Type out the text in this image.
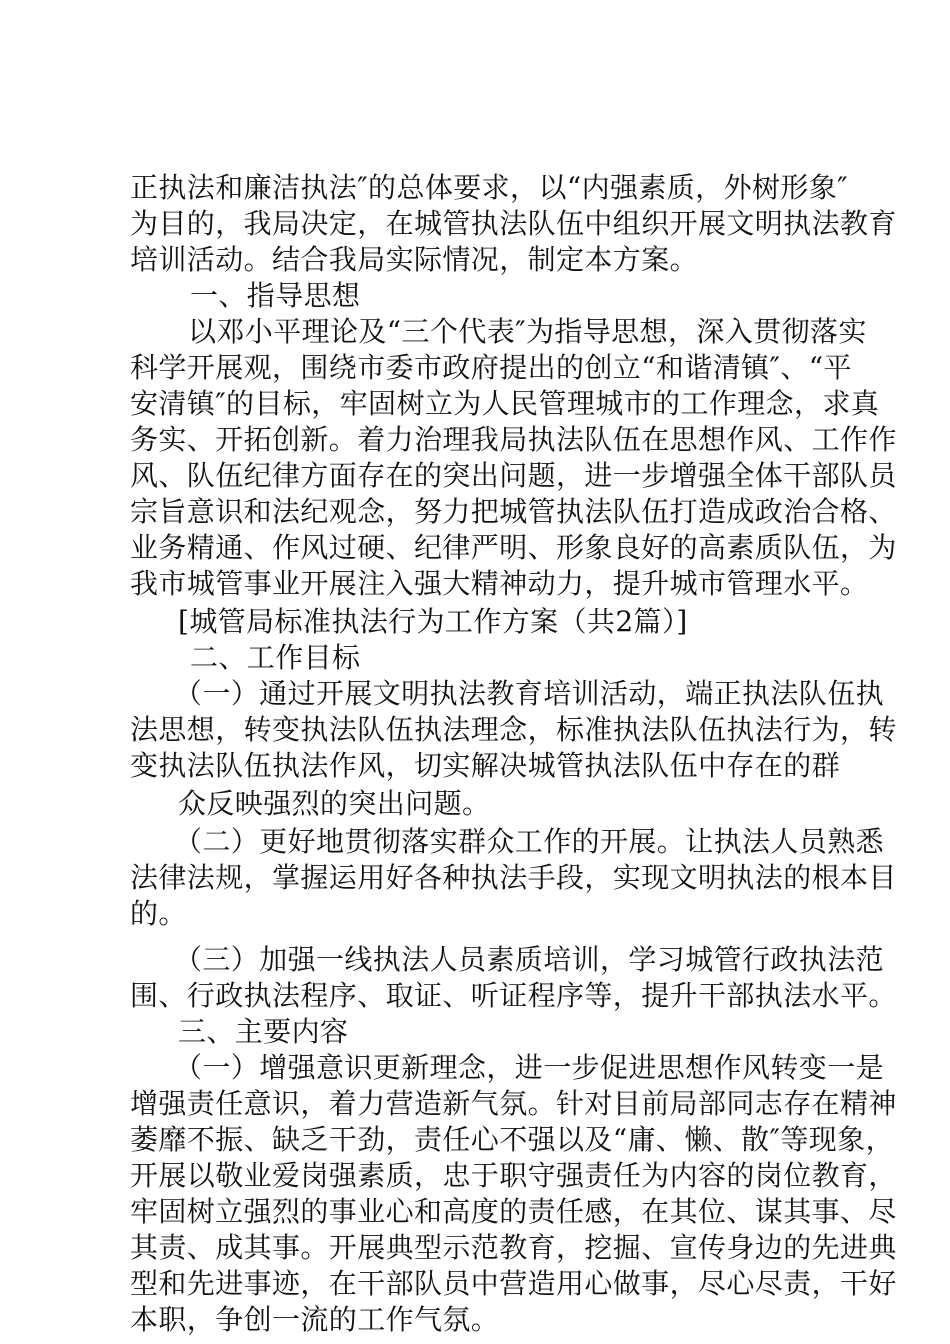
正执法和廉洁执法″的总体要求，以“内强素质，外树形象″
为目的，我局决定，在城管执法队伍中组织开展文明执法教育
培训活动。结合我局实际情况，制定本方案。
一、指导思想
以邓小平理论及“三个代表″为指导思想，深入贯彻落实
科学开展观，围绕市委市政府提出的创立“和谐清镇″、“平
安清镇″的目标，牢固树立为人民管理城市的工作理念，求真
务实、开拓创新。着力治理我局执法队伍在思想作风、工作作
风、队伍纪律方面存在的突出问题，进一步增强全体干部队员
宗旨意识和法纪观念，努力把城管执法队伍打造成政治合格、
业务精通、作风过硬、纪律严明、形象良好的高素质队伍，为
我市城管事业开展注入强大精神动力，提升城市管理水平。
[城管局标准执法行为工作方案（共2篇）]
二、工作目标
（一）通过开展文明执法教育培训活动，端正执法队伍执
法思想，转变执法队伍执法理念，标准执法队伍执法行为，转
变执法队伍执法作风，切实解决城管执法队伍中存在的群
众反映强烈的突出问题。
（二）更好地贯彻落实群众工作的开展。让执法人员熟悉
法律法规，掌握运用好各种执法手段，实现文明执法的根本目
的。
（三）加强一线执法人员素质培训，学习城管行政执法范
围、行政执法程序、取证、听证程序等，提升干部执法水平。
三、主要内容
（一）增强意识更新理念，进一步促进思想作风转变一是
增强责任意识，着力营造新气氛。针对目前局部同志存在精神
萎靡不振、缺乏干劲，责任心不强以及“庸、懒、散″等现象，
开展以敬业爱岗强素质，忠于职守强责任为内容的岗位教育，
牢固树立强烈的事业心和高度的责任感，在其位、谋其事、尽
其责、成其事。开展典型示范教育，挖掘、宣传身边的先进典
型和先进事迹，在干部队员中营造用心做事，尽心尽责，干好
本职，争创一流的工作气氛。
